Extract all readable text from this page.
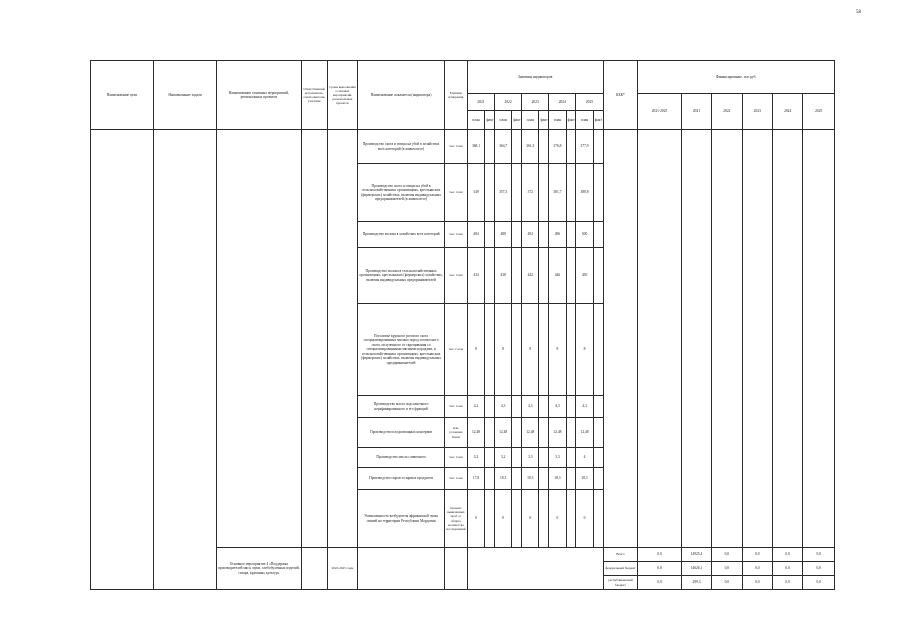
58
Наименование цели	Наименование задачи	Наименование основных мероприятий, региональных проектов	Ответственный исполнитель, соисполнители, участник	Сроки выполнения основных мероприятий, региональных проектов	Наименование показателя (индикатора)	Единица измерения	Значения индикаторов										КБК*	Финансирование, тыс.руб.					
							2021		2022		2023		2024		2025			2021-2025	2021	2022	2023	2024	2025
							план	факт	план	факт	план	факт	план	факт	план	факт							
					Производство скота и птицы на убой в хозяйствах всех категорий (в живом весе)	тыс. тонн	368,1		364,7		361,3		376,8		377,9								
					Производство скота и птицы на убой в сельскохозяйственных организациях, крестьянских (фермерских) хозяйствах, включая индивидуальных предпринимателей (в живом весе)	тыс. тонн	349		357,3		372		381,7		388,8								
					Производство молока в хозяйствах всех категорий	тыс. тонн	484		488		492		496		500								
					Производство молока в сельскохозяйственных организациях, крестьянских (фермерских) хозяйствах, включая индивидуальных предпринимателей	тыс. тонн	434		438		442		446		450								
					Поголовье крупного рогатого скота специализированных мясных пород и помесного скота, полученного от скрещивания со специализированными мясными породами, в сельскохозяйственных организациях, крестьянских (фермерских) хозяйствах, включая индивидуальных предпринимателей	тыс. голов	8		8		8		8		8								
					Производство масла подсолнечного нерафинированного и его фракций	тыс. тонн	4,2		4,3		4,3		4,3		4,3								
					Производство плодоовощных консервов	млн. условных банок	12,48		12,48		12,48		12,48		12,48								
					Производство масла сливочного	тыс. тонн	3,2		3,2		3,3		3,3		4								
					Производство сыров и сырных продуктов	тыс. тонн	17,8		18,3		18,3		18,3		18,3								
					Уменьшенность возбудителя африканской чумы свиней на территории Республики Мордовия	процент выявленных проб от общего количества исследований	0		0		0		0		0								
		Основное мероприятие 4 «Поддержка производителей мяса, муки, хлебобулочных изделий, сахара, крупяных культур»		2022-2025 годы													Всего	0,0	14925,4	0,0	0,0	0,0	0,0
																	федеральный бюджет	0,0	14626,1	0,0	0,0	0,0	0,0
																	республиканский бюджет	0,0	299,3	0,0	0,0	0,0	0,0
